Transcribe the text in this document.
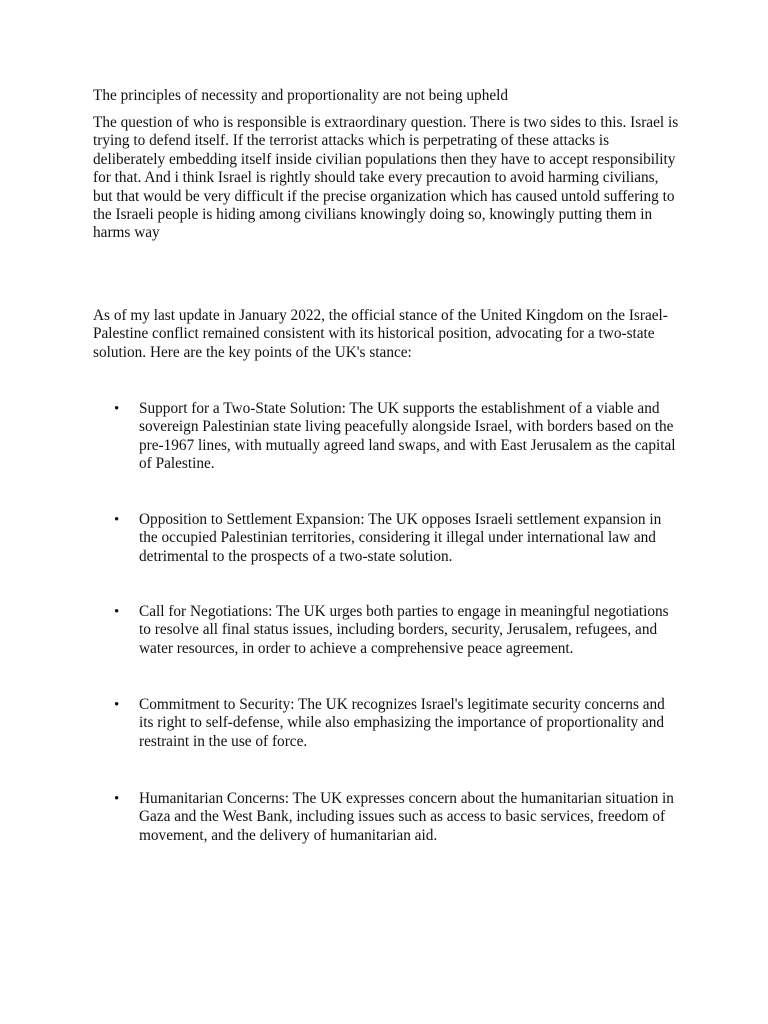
The principles of necessity and proportionality are not being upheld

The question of who is responsible is extraordinary question. There is two sides to this. Israel is trying to defend itself. If the terrorist attacks which is perpetrating of these attacks is deliberately embedding itself inside civilian populations then they have to accept responsibility for that. And i think Israel is rightly should take every precaution to avoid harming civilians, but that would be very difficult if the precise organization which has caused untold suffering to the Israeli people is hiding among civilians knowingly doing so, knowingly putting them in harms way

As of my last update in January 2022, the official stance of the United Kingdom on the Israel-Palestine conflict remained consistent with its historical position, advocating for a two-state solution. Here are the key points of the UK's stance:

•	Support for a Two-State Solution: The UK supports the establishment of a viable and sovereign Palestinian state living peacefully alongside Israel, with borders based on the pre-1967 lines, with mutually agreed land swaps, and with East Jerusalem as the capital of Palestine.

•	Opposition to Settlement Expansion: The UK opposes Israeli settlement expansion in the occupied Palestinian territories, considering it illegal under international law and detrimental to the prospects of a two-state solution.

•	Call for Negotiations: The UK urges both parties to engage in meaningful negotiations to resolve all final status issues, including borders, security, Jerusalem, refugees, and water resources, in order to achieve a comprehensive peace agreement.

•	Commitment to Security: The UK recognizes Israel's legitimate security concerns and its right to self-defense, while also emphasizing the importance of proportionality and restraint in the use of force.

•	Humanitarian Concerns: The UK expresses concern about the humanitarian situation in Gaza and the West Bank, including issues such as access to basic services, freedom of movement, and the delivery of humanitarian aid.
